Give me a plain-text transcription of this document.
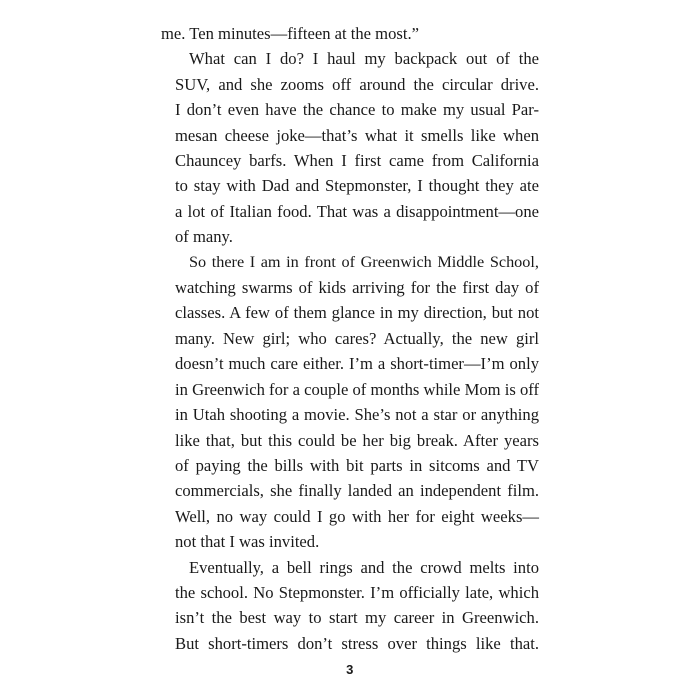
me. Ten minutes—fifteen at the most.”
What can I do? I haul my backpack out of the
SUV, and she zooms off around the circular drive.
I don’t even have the chance to make my usual Par-
mesan cheese joke—that’s what it smells like when
Chauncey barfs. When I first came from California
to stay with Dad and Stepmonster, I thought they ate
a lot of Italian food. That was a disappointment—one
of many.
So there I am in front of Greenwich Middle School,
watching swarms of kids arriving for the first day of
classes. A few of them glance in my direction, but not
many. New girl; who cares? Actually, the new girl
doesn’t much care either. I’m a short-timer—I’m only
in Greenwich for a couple of months while Mom is off
in Utah shooting a movie. She’s not a star or anything
like that, but this could be her big break. After years
of paying the bills with bit parts in sitcoms and TV
commercials, she finally landed an independent film.
Well, no way could I go with her for eight weeks—
not that I was invited.
Eventually, a bell rings and the crowd melts into
the school. No Stepmonster. I’m officially late, which
isn’t the best way to start my career in Greenwich.
But short-timers don’t stress over things like that.
3
